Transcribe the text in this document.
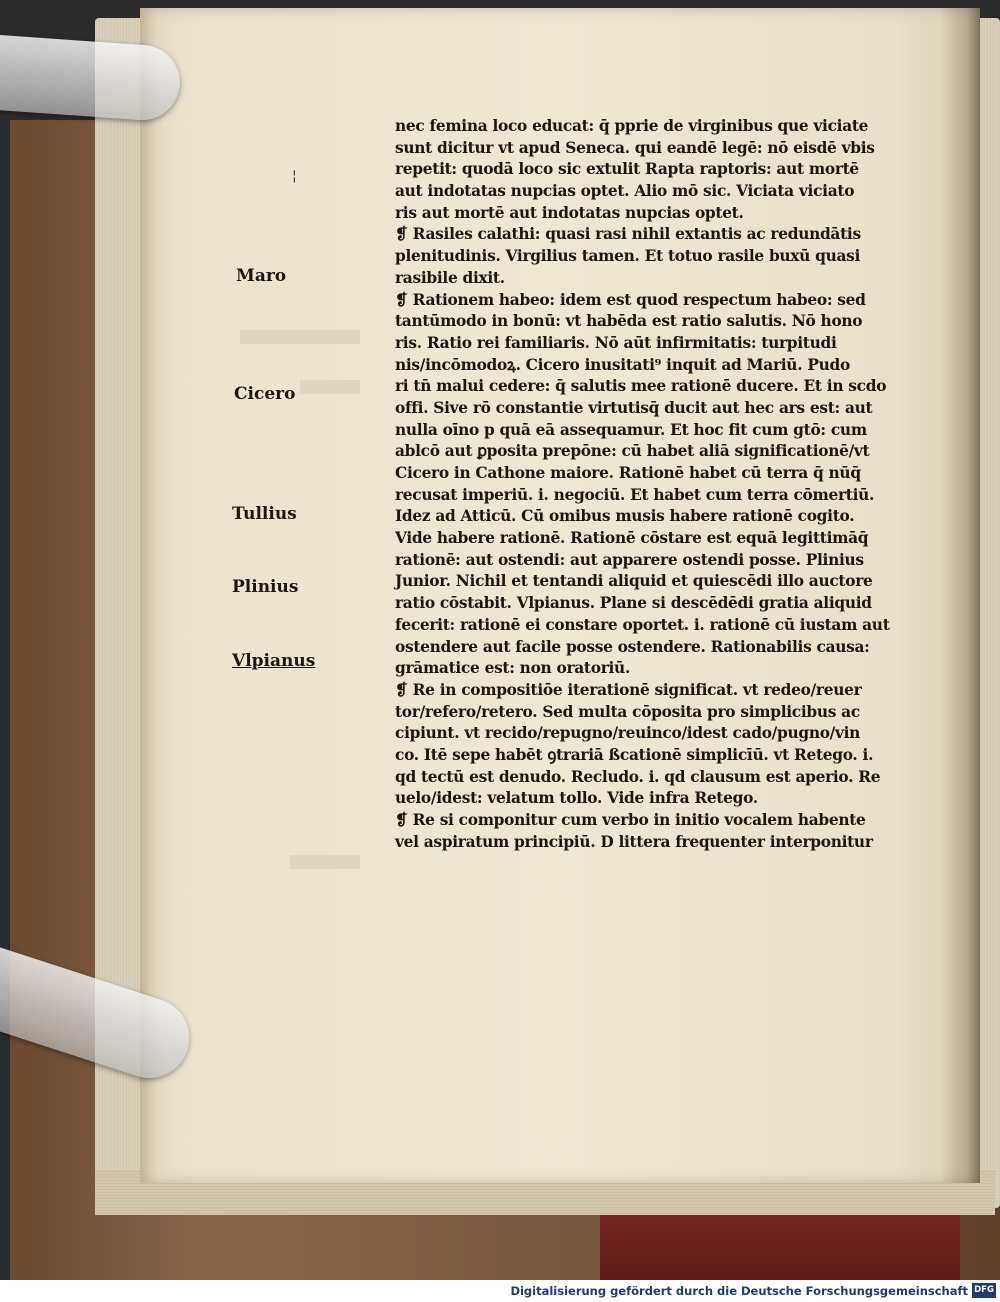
¦
Maro
Cicero
Tullius
Plinius
Vlpianus
nec femina loco educat: q̄ pprie de virginibus que viciate
sunt dicitur vt apud Seneca. qui eandē legē: nō eisdē vbis
repetit: quodā loco sic extulit Rapta raptoris: aut mortē
aut indotatas nupcias optet. Alio mō sic. Viciata viciato
ris aut mortē aut indotatas nupcias optet.
❡ Rasiles calathi: quasi rasi nihil extantis ac redundātis
plenitudinis. Virgilius tamen. Et totuo rasile buxū quasi
rasibile dixit.
❡ Rationem habeo: idem est quod respectum habeo: sed
tantūmodo in bonū: vt habēda est ratio salutis. Nō hono
ris. Ratio rei familiaris. Nō aūt infirmitatis: turpitudi
nis/incōmodoꝝ. Cicero inusitati⁹ inquit ad Mariū. Pudo
ri tn̄ malui cedere: q̄ salutis mee rationē ducere. Et in scdo
offi. Sive rō constantie virtutisq̄ ducit aut hec ars est: aut
nulla oīno p quā eā assequamur. Et hoc fit cum gtō: cum
ablcō aut ꝑposita prepōne: cū habet aliā significationē/vt
Cicero in Cathone maiore. Rationē habet cū terra q̄ nūq̄
recusat imperiū. i. negociū. Et habet cum terra cōmertiū.
Idez ad Atticū. Cū omibus musis habere rationē cogito.
Vide habere rationē. Rationē cōstare est equā legittimāq̄
rationē: aut ostendi: aut apparere ostendi posse. Plinius
Junior. Nichil et tentandi aliquid et quiescēdi illo auctore
ratio cōstabit. Vlpianus. Plane si descēdēdi gratia aliquid
fecerit: rationē ei constare oportet. i. rationē cū iustam aut
ostendere aut facile posse ostendere. Rationabilis causa:
grāmatice est: non oratoriū.
❡ Re in compositiōe iterationē significat. vt redeo/reuer
tor/refero/retero. Sed multa cōposita pro simplicibus ac
cipiunt. vt recido/repugno/reuinco/idest cado/pugno/vin
co. Itē sepe habēt ꝯtrariā ßcationē simplicīū. vt Retego. i.
qd tectū est denudo. Recludo. i. qd clausum est aperio. Re
uelo/idest: velatum tollo. Vide infra Retego.
❡ Re si componitur cum verbo in initio vocalem habente
vel aspiratum principiū. D littera frequenter interponitur
Digitalisierung gefördert durch die Deutsche Forschungsgemeinschaft DFG
